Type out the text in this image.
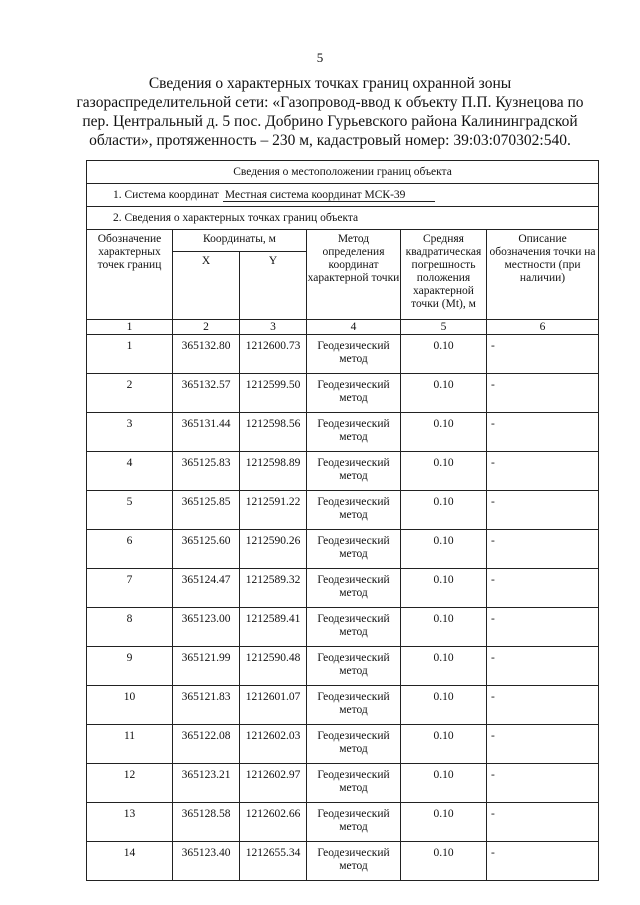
5
Сведения о характерных точках границ охранной зоны
газораспределительной сети: «Газопровод-ввод к объекту П.П. Кузнецова по
пер. Центральный д. 5 пос. Добрино Гурьевского района Калининградской
области», протяженность – 230 м, кадастровый номер: 39:03:070302:540.
Сведения о местоположении границ объекта					
1. Система координат Местная система координат МСК-39					
2. Сведения о характерных точках границ объекта					
Обозначение характерных точек границ	Координаты, м		Метод определения координат характерной точки	Средняя квадратическая погрешность положения характерной точки (Mt), м	Описание обозначения точки на местности (при наличии)
	X	Y			
1	2	3	4	5	6
1	365132.80	1212600.73	Геодезический метод	0.10	-
2	365132.57	1212599.50	Геодезический метод	0.10	-
3	365131.44	1212598.56	Геодезический метод	0.10	-
4	365125.83	1212598.89	Геодезический метод	0.10	-
5	365125.85	1212591.22	Геодезический метод	0.10	-
6	365125.60	1212590.26	Геодезический метод	0.10	-
7	365124.47	1212589.32	Геодезический метод	0.10	-
8	365123.00	1212589.41	Геодезический метод	0.10	-
9	365121.99	1212590.48	Геодезический метод	0.10	-
10	365121.83	1212601.07	Геодезический метод	0.10	-
11	365122.08	1212602.03	Геодезический метод	0.10	-
12	365123.21	1212602.97	Геодезический метод	0.10	-
13	365128.58	1212602.66	Геодезический метод	0.10	-
14	365123.40	1212655.34	Геодезический метод	0.10	-
